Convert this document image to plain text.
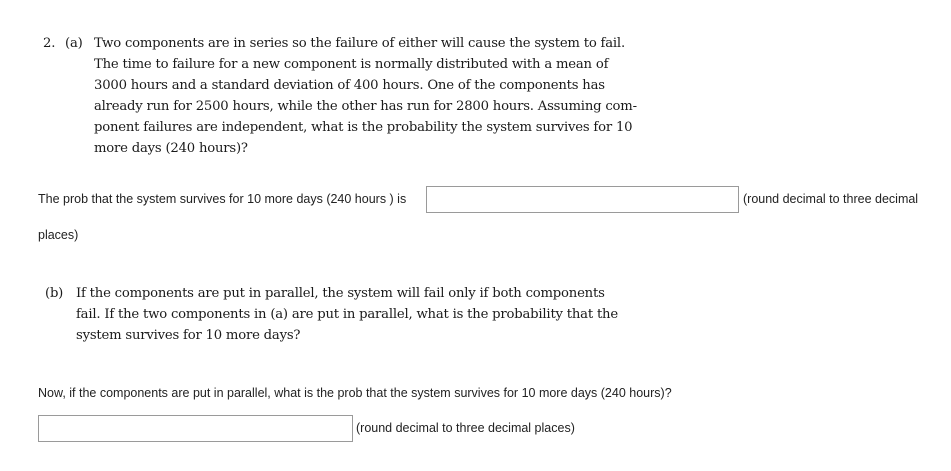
2. (a) Two components are in series so the failure of either will cause the system to fail.
The time to failure for a new component is normally distributed with a mean of
3000 hours and a standard deviation of 400 hours. One of the components has
already run for 2500 hours, while the other has run for 2800 hours. Assuming com-
ponent failures are independent, what is the probability the system survives for 10
more days (240 hours)?
The prob that the system survives for 10 more days (240 hours ) is	(round decimal to three decimal
places)
(b) If the components are put in parallel, the system will fail only if both components
fail. If the two components in (a) are put in parallel, what is the probability that the
system survives for 10 more days?
Now, if the components are put in parallel, what is the prob that the system survives for 10 more days (240 hours)?
(round decimal to three decimal places)
